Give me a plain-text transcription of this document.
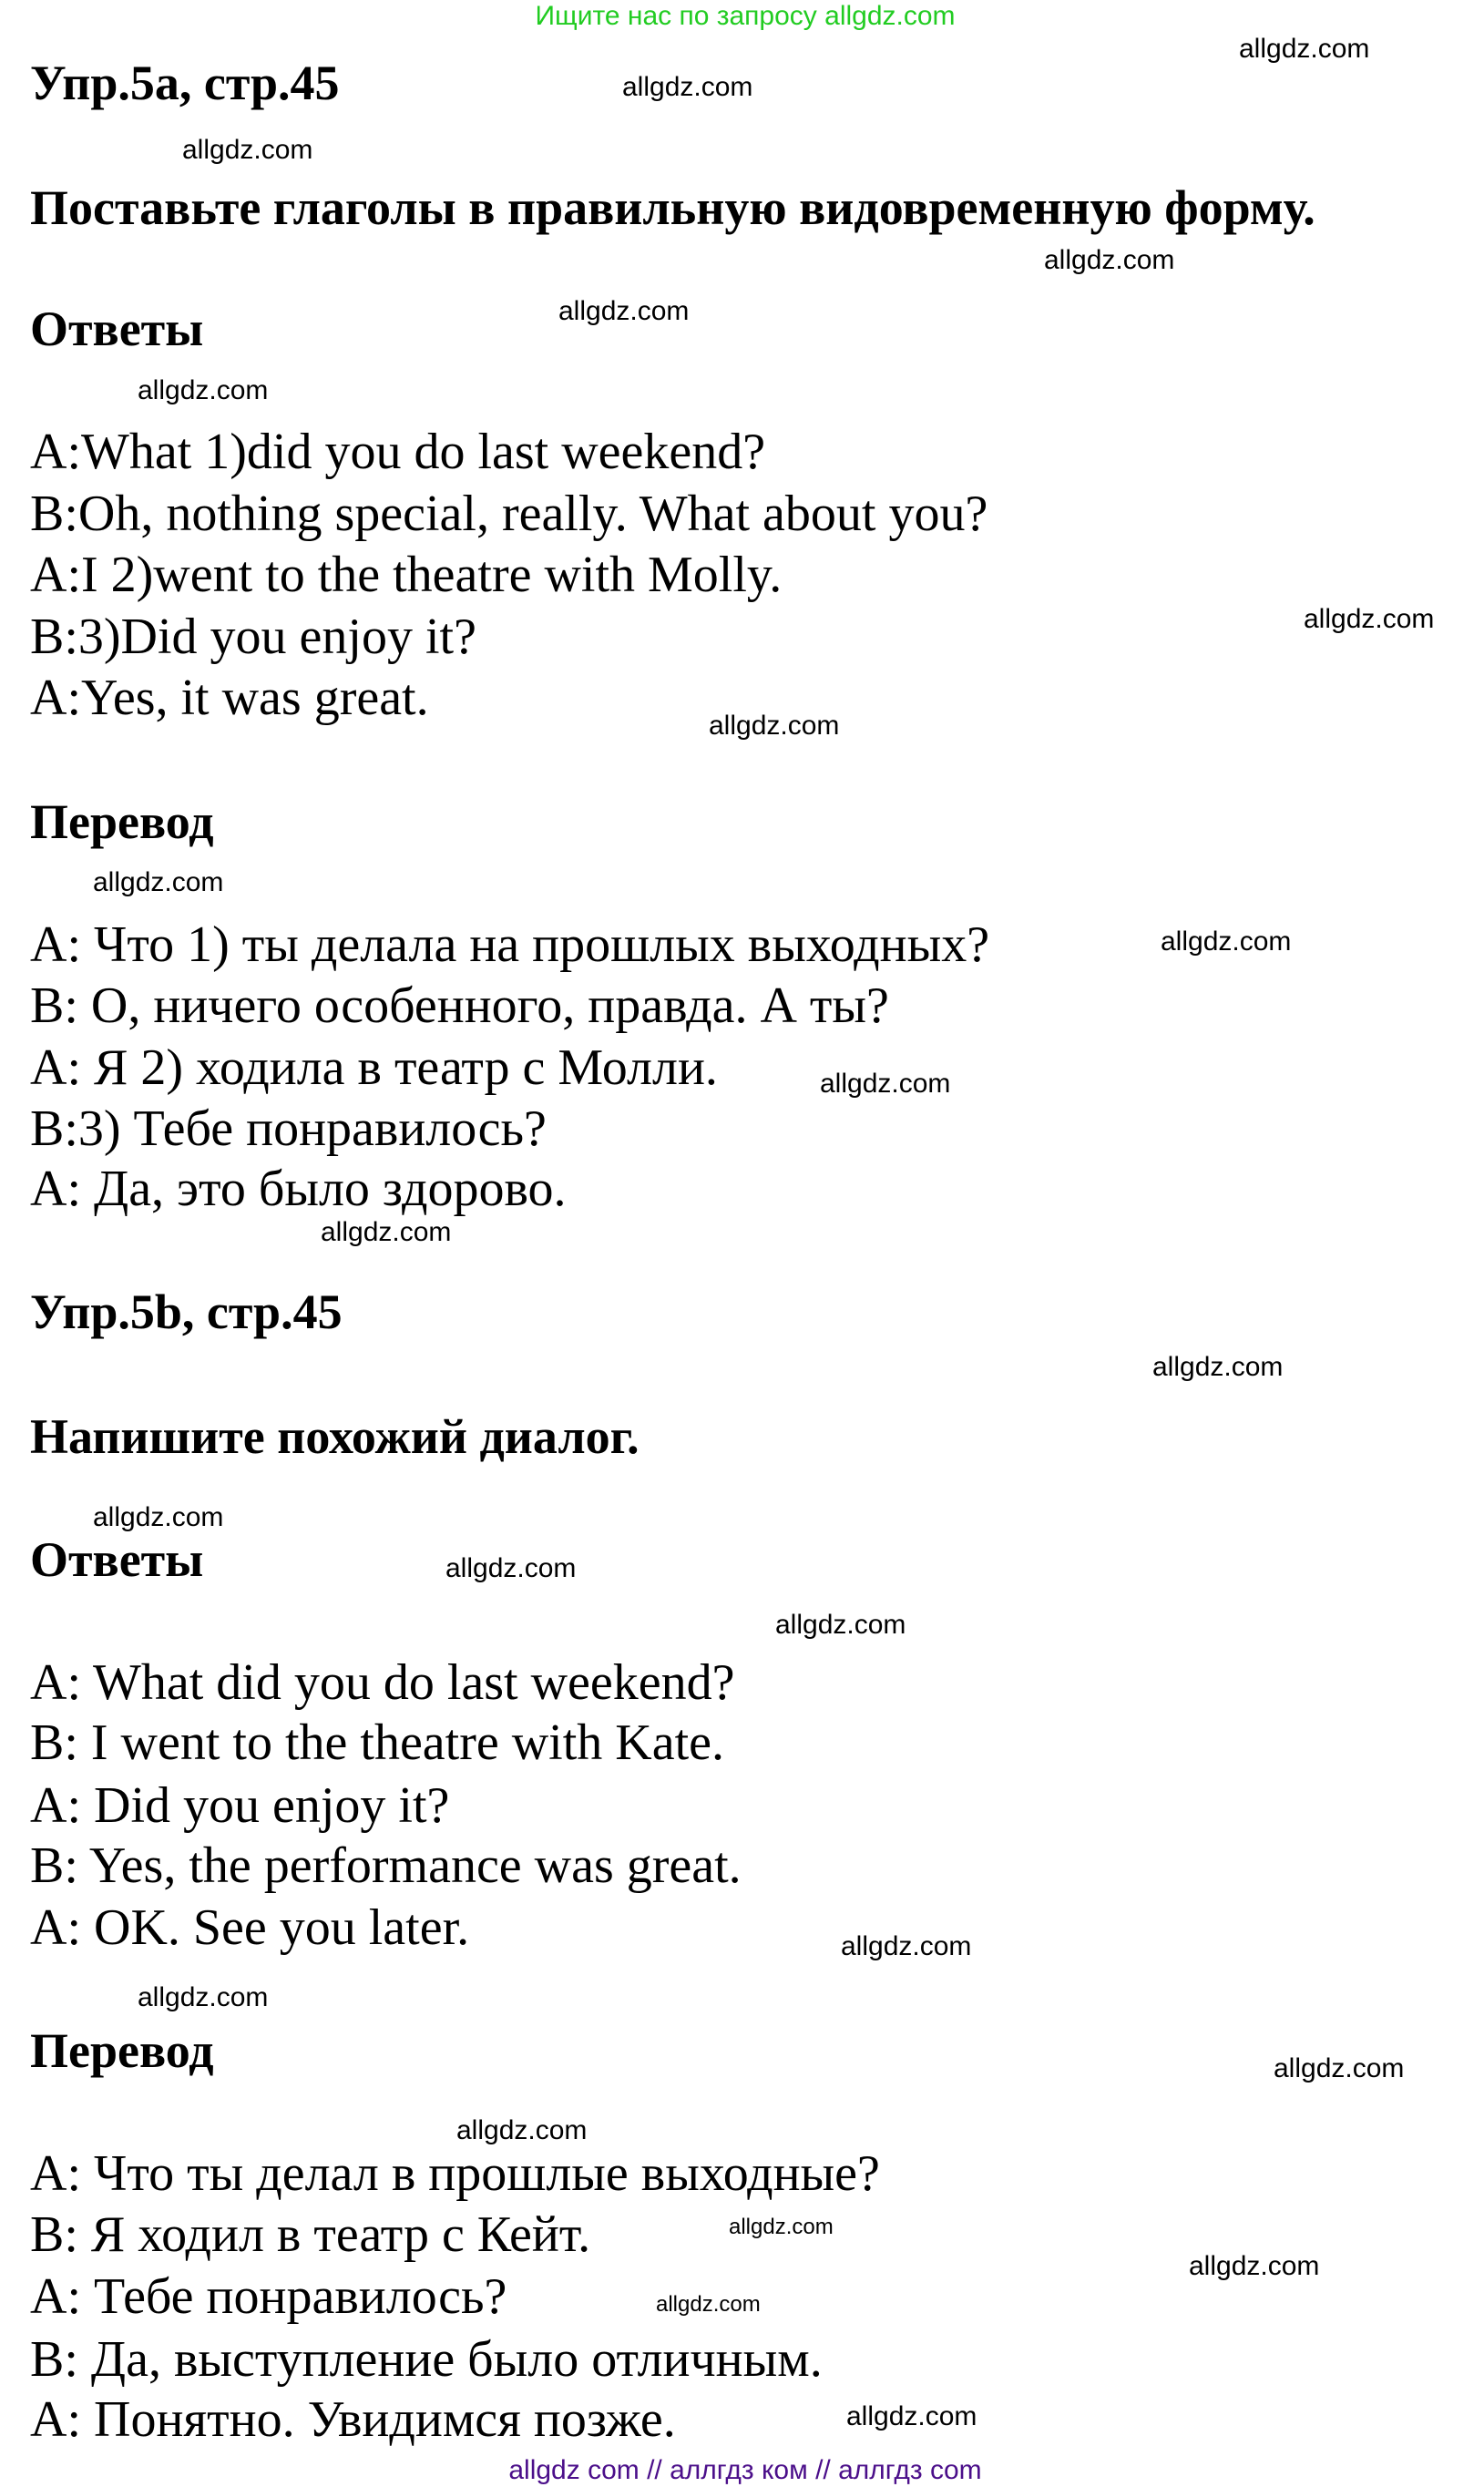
Ищите нас по запросу allgdz.com
Упр.5a, стр.45
Поставьте глаголы в правильную видовременную форму.
Ответы
A:What 1)did you do last weekend?
B:Oh, nothing special, really. What about you?
A:I 2)went to the theatre with Molly.
B:3)Did you enjoy it?
A:Yes, it was great.
Перевод
A: Что 1) ты делала на прошлых выходных?
B: О, ничего особенного, правда. А ты?
A: Я 2) ходила в театр с Молли.
B:3) Тебе понравилось?
A: Да, это было здорово.
Упр.5b, стр.45
Напишите похожий диалог.
Ответы
A: What did you do last weekend?
B: I went to the theatre with Kate.
A: Did you enjoy it?
B: Yes, the performance was great.
A: OK. See you later.
Перевод
A: Что ты делал в прошлые выходные?
B: Я ходил в театр с Кейт.
A: Тебе понравилось?
B: Да, выступление было отличным.
A: Понятно. Увидимся позже.
allgdz.com
allgdz.com
allgdz.com
allgdz.com
allgdz.com
allgdz.com
allgdz.com
allgdz.com
allgdz.com
allgdz.com
allgdz.com
allgdz.com
allgdz.com
allgdz.com
allgdz.com
allgdz.com
allgdz.com
allgdz.com
allgdz.com
allgdz.com
allgdz.com
allgdz.com
allgdz.com
allgdz.com
allgdz com // аллгдз ком // аллгдз com
